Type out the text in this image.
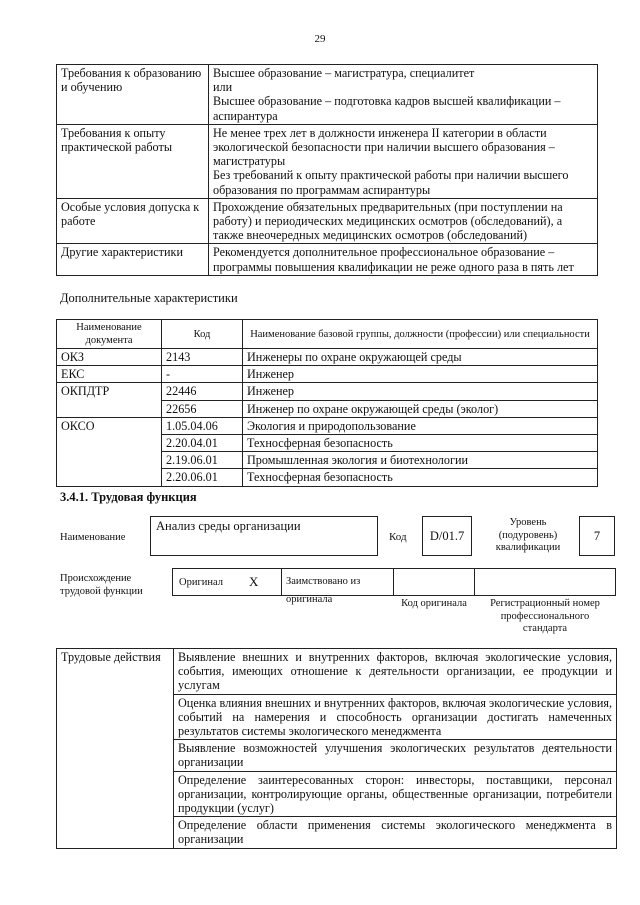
29
Требования к образованию и обучению	Высшее образование – магистратура, специалитет
или
Высшее образование – подготовка кадров высшей квалификации – аспирантура

Требования к опыту практической работы	Не менее трех лет в должности инженера II категории в области экологической безопасности при наличии высшего образования – магистратуры
Без требований к опыту практической работы при наличии высшего образования по программам аспирантуры

Особые условия допуска к работе	Прохождение обязательных предварительных (при поступлении на работу) и периодических медицинских осмотров (обследований), а также внеочередных медицинских осмотров (обследований)

Другие характеристики	Рекомендуется дополнительное профессиональное образование – программы повышения квалификации не реже одного раза в пять лет
Дополнительные характеристики
Наименование документа	Код	Наименование базовой группы, должности (профессии) или специальности
ОКЗ	2143	Инженеры по охране окружающей среды
ЕКС	-	Инженер
ОКПДТР	22446	Инженер
	22656	Инженер по охране окружающей среды (эколог)
ОКСО	1.05.04.06	Экология и природопользование
	2.20.04.01	Техносферная безопасность
	2.19.06.01	Промышленная экология и биотехнологии
	2.20.06.01	Техносферная безопасность
3.4.1. Трудовая функция
Наименование
Анализ среды организации
Код	D/01.7
Уровень (подуровень) квалификации
7
Происхождение трудовой функции
Оригинал X	Заимствовано из оригинала	Код оригинала	Регистрационный номер профессионального стандарта
Трудовые действия	Выявление внешних и внутренних факторов, включая экологические условия, события, имеющих отношение к деятельности организации, ее продукции и услугам
Оценка влияния внешних и внутренних факторов, включая экологические условия, событий на намерения и способность организации достигать намеченных результатов системы экологического менеджмента
Выявление возможностей улучшения экологических результатов деятельности организации
Определение заинтересованных сторон: инвесторы, поставщики, персонал организации, контролирующие органы, общественные организации, потребители продукции (услуг)
Определение области применения системы экологического менеджмента в организации
